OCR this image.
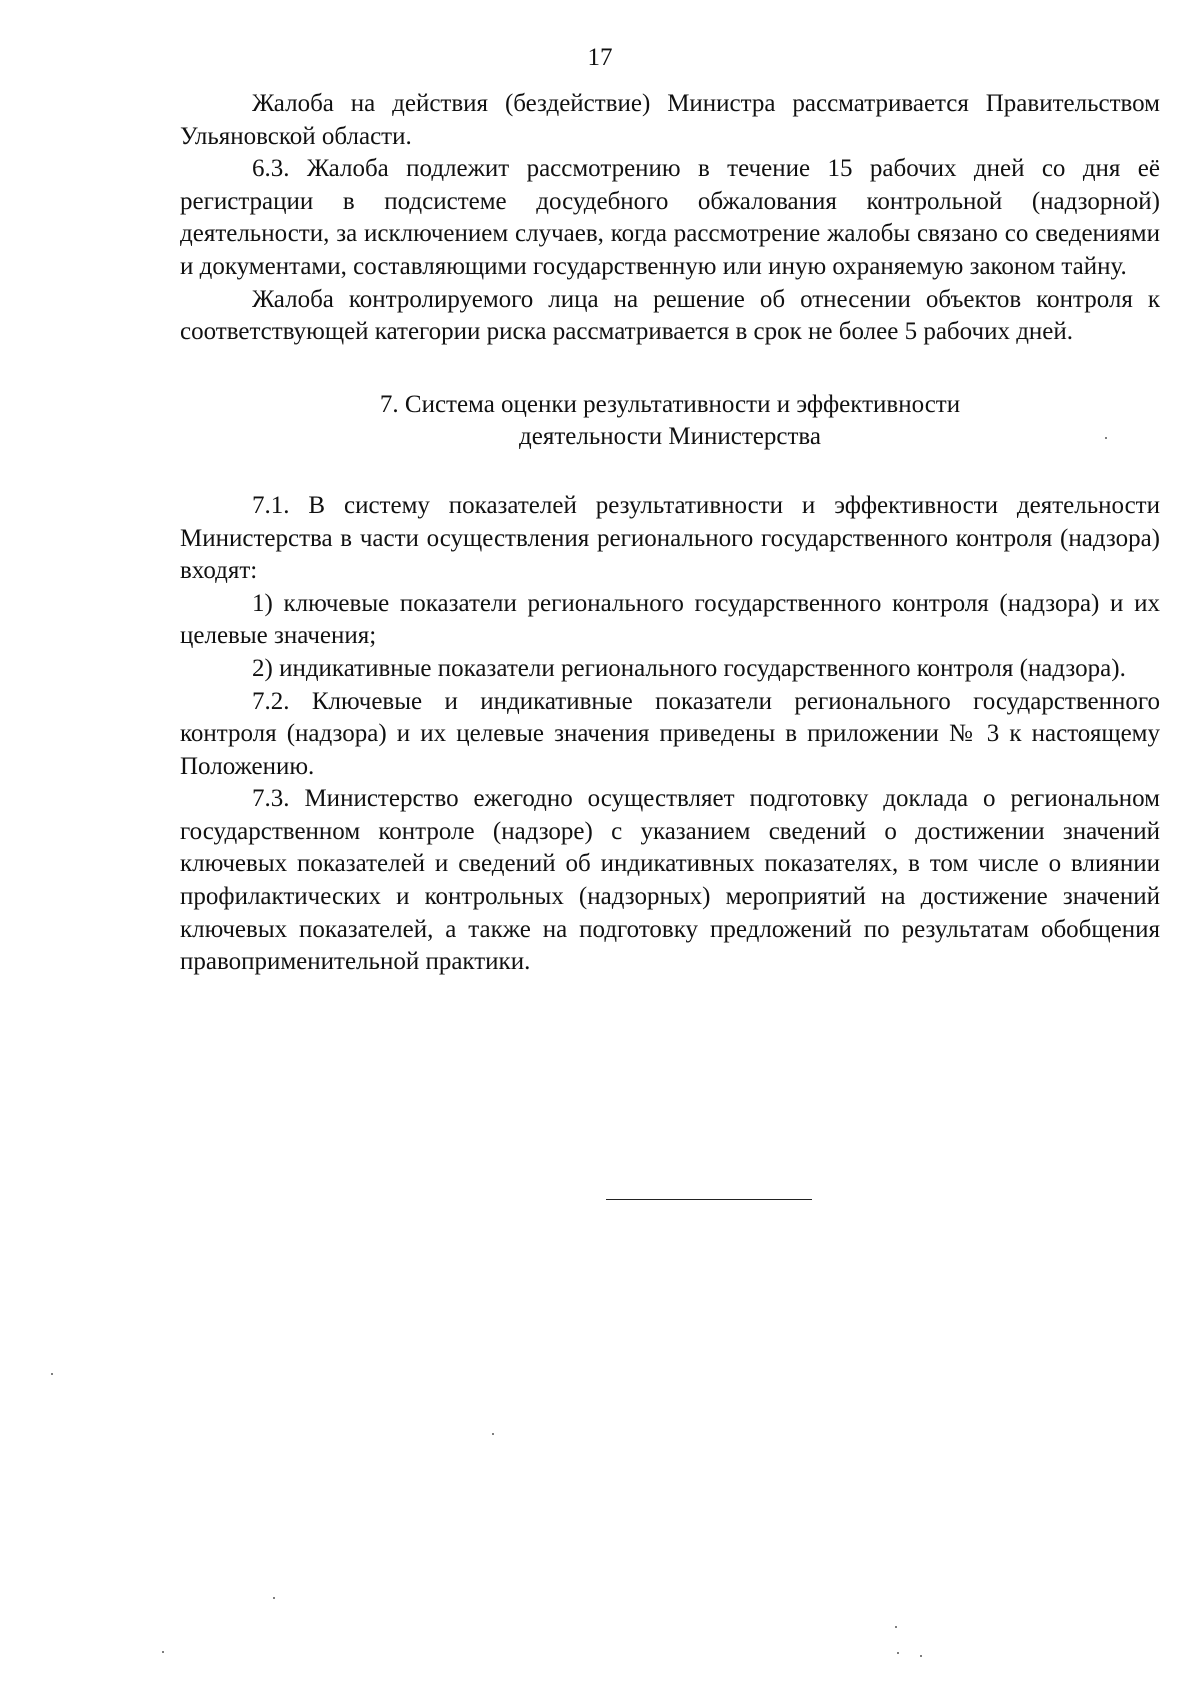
17

Жалоба на действия (бездействие) Министра рассматривается Правительством Ульяновской области.

6.3. Жалоба подлежит рассмотрению в течение 15 рабочих дней со дня её регистрации в подсистеме досудебного обжалования контрольной (надзорной) деятельности, за исключением случаев, когда рассмотрение жалобы связано со сведениями и документами, составляющими государственную или иную охраняемую законом тайну.

Жалоба контролируемого лица на решение об отнесении объектов контроля к соответствующей категории риска рассматривается в срок не более 5 рабочих дней.

7. Система оценки результативности и эффективности
деятельности Министерства

7.1. В систему показателей результативности и эффективности деятельности Министерства в части осуществления регионального государственного контроля (надзора) входят:

1) ключевые показатели регионального государственного контроля (надзора) и их целевые значения;

2) индикативные показатели регионального государственного контроля (надзора).

7.2. Ключевые и индикативные показатели регионального государственного контроля (надзора) и их целевые значения приведены в приложении № 3 к настоящему Положению.

7.3. Министерство ежегодно осуществляет подготовку доклада о региональном государственном контроле (надзоре) с указанием сведений о достижении значений ключевых показателей и сведений об индикативных показателях, в том числе о влиянии профилактических и контрольных (надзорных) мероприятий на достижение значений ключевых показателей, а также на подготовку предложений по результатам обобщения правоприменительной практики.
